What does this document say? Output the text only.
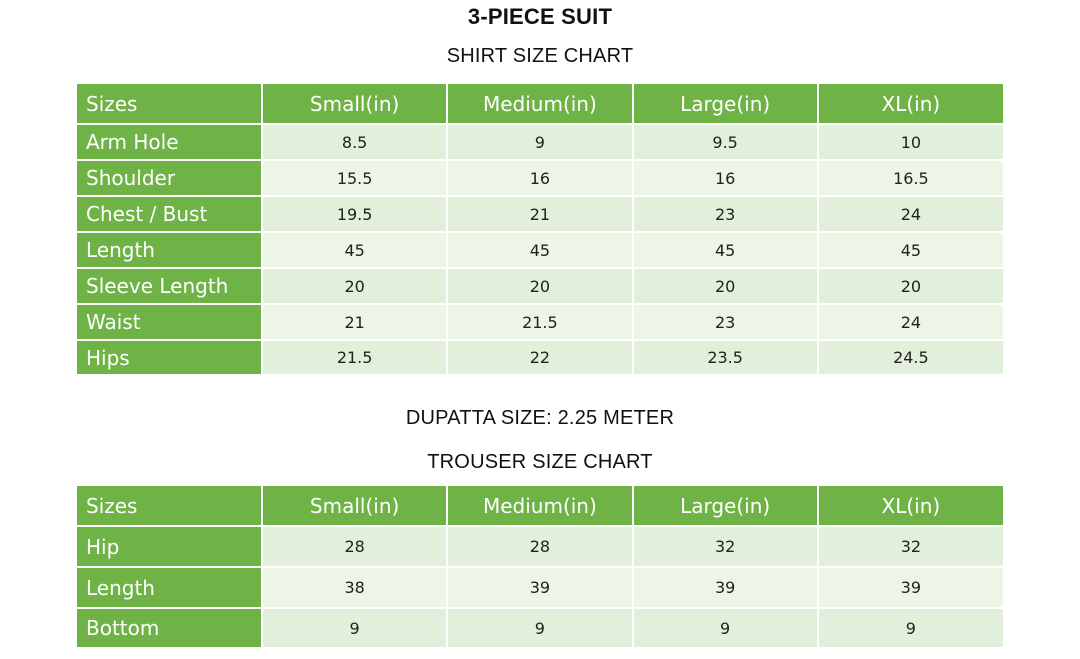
3-PIECE SUIT
SHIRT SIZE CHART
Sizes	Small(in)	Medium(in)	Large(in)	XL(in)
Arm Hole	8.5	9	9.5	10
Shoulder	15.5	16	16	16.5
Chest / Bust	19.5	21	23	24
Length	45	45	45	45
Sleeve Length	20	20	20	20
Waist	21	21.5	23	24
Hips	21.5	22	23.5	24.5
DUPATTA SIZE: 2.25 METER
TROUSER SIZE CHART
Sizes	Small(in)	Medium(in)	Large(in)	XL(in)
Hip	28	28	32	32
Length	38	39	39	39
Bottom	9	9	9	9
